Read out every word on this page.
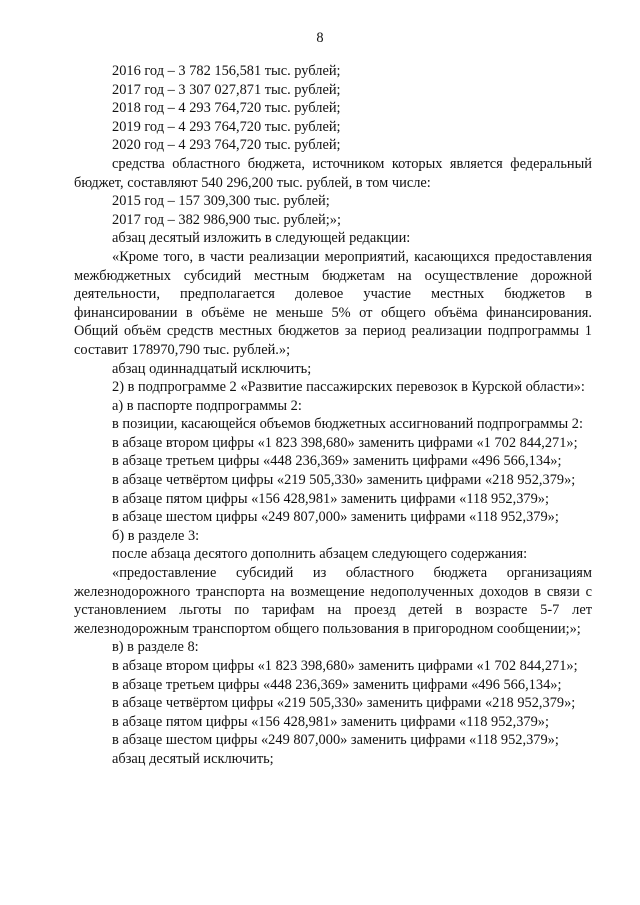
8

2016 год – 3 782 156,581 тыс. рублей;

2017 год – 3 307 027,871 тыс. рублей;

2018 год – 4 293 764,720 тыс. рублей;

2019 год – 4 293 764,720 тыс. рублей;

2020 год – 4 293 764,720 тыс. рублей;

средства областного бюджета, источником которых является федеральный бюджет, составляют 540 296,200 тыс. рублей, в том числе:

2015 год – 157 309,300 тыс. рублей;

2017 год – 382 986,900 тыс. рублей;»;

абзац десятый изложить в следующей редакции:

«Кроме того, в части реализации мероприятий, касающихся предоставления межбюджетных субсидий местным бюджетам на осуществление дорожной деятельности, предполагается долевое участие местных бюджетов в финансировании в объёме не меньше 5% от общего объёма финансирования. Общий объём средств местных бюджетов за период реализации подпрограммы 1 составит 178970,790 тыс. рублей.»;

абзац одиннадцатый исключить;

2) в подпрограмме 2 «Развитие пассажирских перевозок в Курской области»:

а) в паспорте подпрограммы 2:

в позиции, касающейся объемов бюджетных ассигнований подпрограммы 2:

в абзаце втором цифры «1 823 398,680» заменить цифрами «1 702 844,271»;

в абзаце третьем цифры «448 236,369» заменить цифрами «496 566,134»;

в абзаце четвёртом цифры «219 505,330» заменить цифрами «218 952,379»;

в абзаце пятом цифры «156 428,981» заменить цифрами «118 952,379»;

в абзаце шестом цифры «249 807,000» заменить цифрами «118 952,379»;

б) в разделе 3:

после абзаца десятого дополнить абзацем следующего содержания:

«предоставление субсидий из областного бюджета организациям железнодорожного транспорта на возмещение недополученных доходов в связи с установлением льготы по тарифам на проезд детей в возрасте 5-7 лет железнодорожным транспортом общего пользования в пригородном сообщении;»;

в) в разделе 8:

в абзаце втором цифры «1 823 398,680» заменить цифрами «1 702 844,271»;

в абзаце третьем цифры «448 236,369» заменить цифрами «496 566,134»;

в абзаце четвёртом цифры «219 505,330» заменить цифрами «218 952,379»;

в абзаце пятом цифры «156 428,981» заменить цифрами «118 952,379»;

в абзаце шестом цифры «249 807,000» заменить цифрами «118 952,379»;

абзац десятый исключить;
